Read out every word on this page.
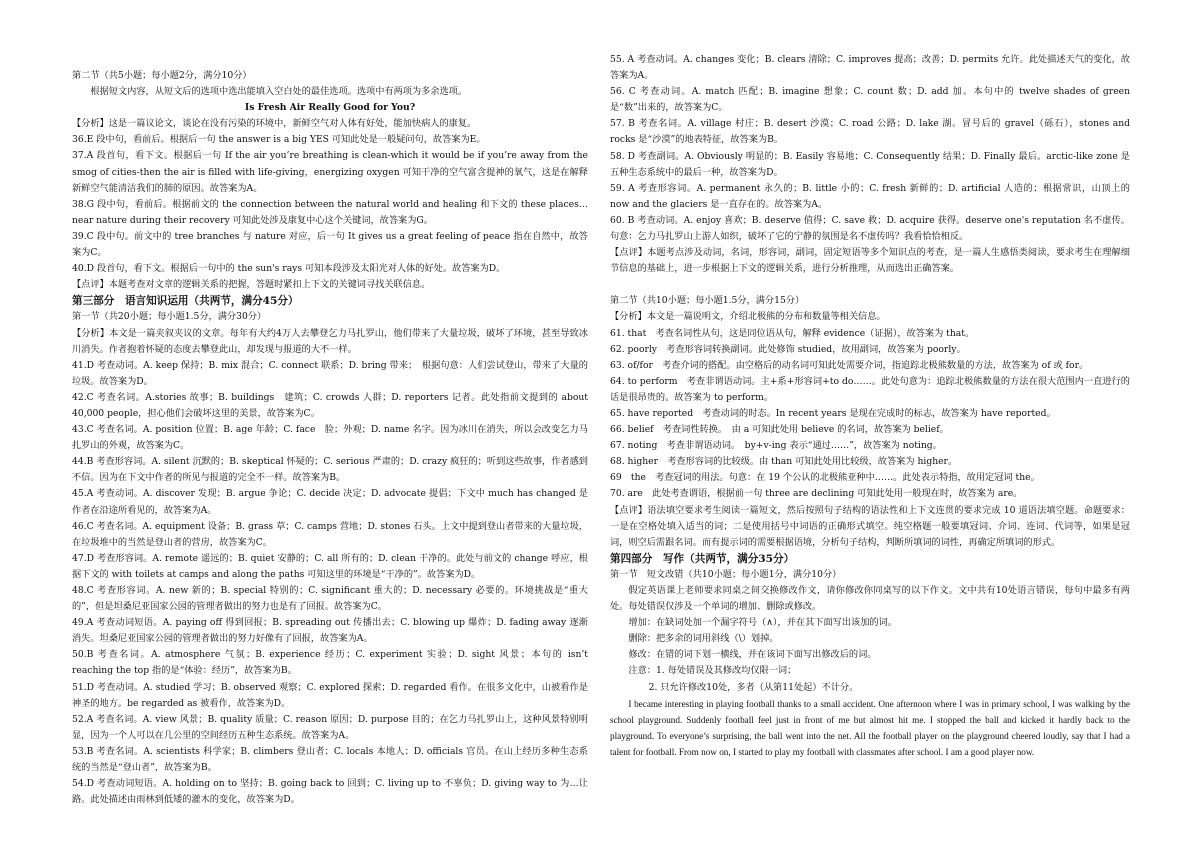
第二节（共5小题；每小题2分，满分10分）

根据短文内容，从短文后的选项中选出能填入空白处的最佳选项。选项中有两项为多余选项。

Is Fresh Air Really Good for You?

【分析】这是一篇议论文，谈论在没有污染的环境中，新鲜空气对人体有好处，能加快病人的康复。

36.E 段中句，看前后。根据后一句 the answer is a big YES 可知此处是一般疑问句，故答案为E。

37.A 段首句，看下文。根据后一句 If the air you’re breathing is clean-which it would be if you’re away from the smog of cities-then the air is filled with life-giving，energizing oxygen 可知干净的空气富含提神的氧气，这是在解释新鲜空气能清洁我们的肺的原因。故答案为A。

38.G 段中句，看前后。根据前文的 the connection between the natural world and healing 和下文的 these places…near nature during their recovery 可知此处涉及康复中心这个关键词，故答案为G。

39.C 段中句。前文中的 tree branches 与 nature 对应，后一句 It gives us a great feeling of peace 指在自然中，故答案为C。

40.D 段首句，看下文。根据后一句中的 the sun's rays 可知本段涉及太阳光对人体的好处。故答案为D。

【点评】本题考查对文章的逻辑关系的把握，答题时紧扣上下文的关键词寻找关联信息。

第三部分　语言知识运用（共两节，满分45分）

第一节（共20小题；每小题1.5分，满分30分）

【分析】本文是一篇夹叙夹议的文章。每年有大约4万人去攀登乞力马扎罗山，他们带来了大量垃圾，破坏了环境，甚至导致冰川消失。作者抱着怀疑的态度去攀登此山，却发现与报道的大不一样。

41.D 考查动词。A. keep 保持；B. mix 混合；C. connect 联系；D. bring 带来；　根据句意：人们尝试登山，带来了大量的垃圾。故答案为D。

42.C 考查名词。A.stories 故事；B. buildings　建筑；C. crowds 人群；D. reporters 记者。此处指前文提到的 about 40,000 people，担心他们会破坏这里的美景，故答案为C。

43.C 考查名词。A. position 位置；B. age 年龄；C. face　脸；外观；D. name 名字。因为冰川在消失，所以会改变乞力马扎罗山的外观，故答案为C。

44.B 考查形容词。A. silent 沉默的；B. skeptical 怀疑的；C. serious 严肃的；D. crazy 疯狂的；听到这些故事，作者感到不信。因为在下文中作者的所见与报道的完全不一样。故答案为B。

45.A 考查动词。A. discover 发现；B. argue 争论；C. decide 决定；D. advocate 提倡；下文中 much has changed 是作者在沿途所看见的，故答案为A。

46.C 考查名词。A. equipment 设备；B. grass 草；C. camps 营地；D. stones 石头。上文中提到登山者带来的大量垃圾，在垃圾堆中的当然是登山者的营房，故答案为C。

47.D 考查形容词。A. remote 遥远的；B. quiet 安静的；C. all 所有的；D. clean 干净的。此处与前文的 change 呼应，根据下文的 with toilets at camps and along the paths 可知这里的环境是“干净的”。故答案为D。

48.C 考查形容词。A. new 新的；B. special 特别的；C. significant 重大的；D. necessary 必要的。环境挑战是“重大的”，但是坦桑尼亚国家公园的管理者做出的努力也是有了回报。故答案为C。

49.A 考查动词短语。A. paying off 得到回报；B. spreading out 传播出去；C. blowing up 爆炸；D. fading away 逐渐消失。坦桑尼亚国家公园的管理者做出的努力好像有了回报，故答案为A。

50.B 考查名词。A. atmosphere 气氛；B. experience 经历；C. experiment 实验；D. sight 风景；本句的 isn’t reaching the top 指的是“体验：经历”，故答案为B。

51.D 考查动词。A. studied 学习；B. observed 观察；C. explored 探索；D. regarded 看作。在很多文化中，山被看作是神圣的地方。be regarded as 被看作，故答案为D。

52.A 考查名词。A. view 风景；B. quality 质量；C. reason 原因；D. purpose 目的；在乞力马扎罗山上，这种风景特别明显，因为一个人可以在几公里的空间经历五种生态系统。故答案为A。

53.B 考查名词。A. scientists 科学家；B. climbers 登山者；C. locals 本地人；D. officials 官员。在山上经历多种生态系统的当然是“登山者”，故答案为B。

54.D 考查动词短语。A. holding on to 坚持；B. going back to 回到；C. living up to 不辜负；D. giving way to 为…让路。此处描述由雨林到低矮的灌木的变化，故答案为D。

55. A 考查动词。A. changes 变化；B. clears 清除；C. improves 提高；改善；D. permits 允许。此处描述天气的变化，故答案为A。

56. C 考查动词。A. match 匹配；B. imagine 想象；C. count 数；D. add 加。本句中的 twelve shades of green 是“数”出来的，故答案为C。

57. B 考查名词。A. village 村庄；B. desert 沙漠；C. road 公路；D. lake 湖。冒号后的 gravel（砾石），stones and rocks 是“沙漠”的地表特征，故答案为B。

58. D 考查副词。A. Obviously 明显的；B. Easily 容易地；C. Consequently 结果；D. Finally 最后。arctic-like zone 是五种生态系统中的最后一种，故答案为D。

59. A 考查形容词。A. permanent 永久的；B. little 小的；C. fresh 新鲜的；D. artificial 人造的；根据常识，山顶上的 now and the glaciers 是一直存在的。故答案为A。

60. B 考查动词。A. enjoy 喜欢；B. deserve 值得；C. save 救；D. acquire 获得。deserve one's reputation 名不虚传。句意：乞力马扎罗山上游人如织，破坏了它的宁静的氛围是名不虚传吗？我看恰恰相反。

【点评】本题考点涉及动词，名词，形容词，副词，固定短语等多个知识点的考查，是一篇人生感悟类阅读，要求考生在理解细节信息的基础上，进一步根据上下文的逻辑关系，进行分析推理，从而选出正确答案。

第二节（共10小题；每小题1.5分，满分15分）

【分析】本文是一篇说明文，介绍北极熊的分布和数量等相关信息。

61. that　考查名词性从句，这是同位语从句，解释 evidence（证据），故答案为 that。

62. poorly　考查形容词转换副词。此处修饰 studied，故用副词，故答案为 poorly。

63. of/for　考查介词的搭配。由空格后的动名词可知此处需要介词，指追踪北极熊数量的方法，故答案为 of 或 for。

64. to perform　考查非谓语动词。主+系+形容词+to do……。此处句意为：追踪北极熊数量的方法在很大范围内一直进行的话是很昂贵的。故答案为 to perform。

65. have reported　考查动词的时态。In recent years 是现在完成时的标志，故答案为 have reported。

66. belief　考查词性转换。　由 a 可知此处用 believe 的名词，故答案为 belief。

67. noting　考查非谓语动词。　by+v-ing 表示“通过……”，故答案为 noting。

68. higher　考查形容词的比较级。由 than 可知此处用比较级，故答案为 higher。

69　the　考查冠词的用法。句意：在 19 个公认的北极熊亚种中……。此处表示特指，故用定冠词 the。

70. are　此处考查谓语，根据前一句 three are declining 可知此处用一般现在时，故答案为 are。

【点评】语法填空要求考生阅读一篇短文，然后按照句子结构的语法性和上下文连贯的要求完成 10 道语法填空题。命题要求：一是在空格处填入适当的词；二是使用括号中词语的正确形式填空。纯空格题一般要填冠词、介词、连词、代词等，如果是冠词，则空后需跟名词。而有提示词的需要根据语境，分析句子结构，判断所填词的词性，再确定所填词的形式。

第四部分　写作（共两节，满分35分）

第一节　短文改错（共10小题；每小题1分，满分10分）

假定英语课上老师要求同桌之间交换修改作文，请你修改你同桌写的以下作文。文中共有10处语言错误，每句中最多有两处。每处错误仅涉及一个单词的增加、删除或修改。

增加：在缺词处加一个漏字符号（∧），并在其下面写出该加的词。

删除：把多余的词用斜线（\）划掉。

修改：在错的词下划一横线，并在该词下面写出修改后的词。

注意：1. 每处错误及其修改均仅限一词；

2. 只允许修改10处，多者（从第11处起）不计分。

I became interesting in playing football thanks to a small accident. One afternoon where I was in primary school, I was walking by the school playground. Suddenly football feel just in front of me but almost hit me. I stopped the ball and kicked it hardly back to the playground. To everyone’s surprising, the ball went into the net. All the football player on the playground cheered loudly, say that I had a talent for football. From now on, I started to play my football with classmates after school. I am a good player now.
